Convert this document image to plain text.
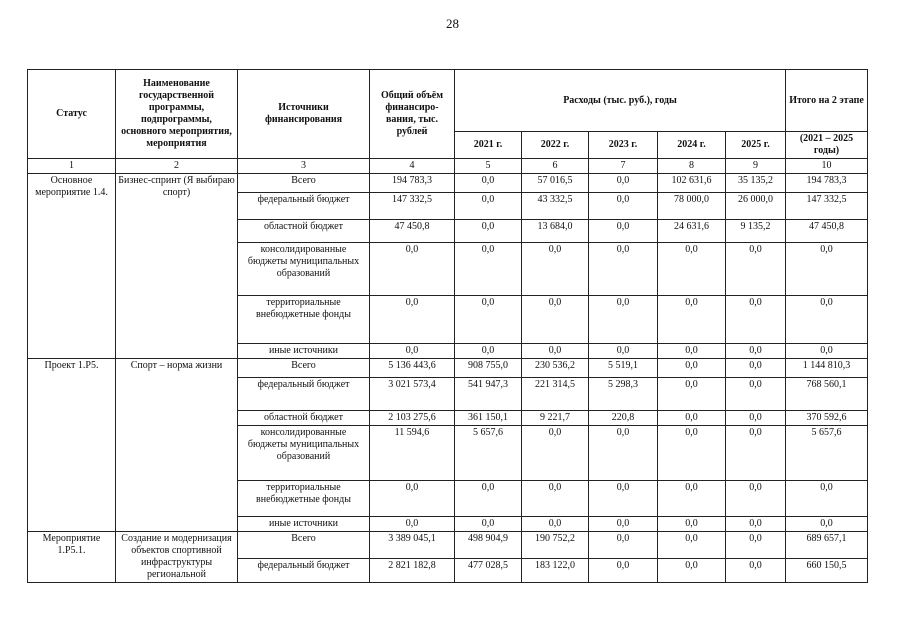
28
Статус	Наименование государственной программы, подпрограммы, основного мероприятия, мероприятия	Источники финансирования	Общий объём финансиро-вания, тыс. рублей	Расходы (тыс. руб.), годы					Итого на 2 этапе
				2021 г.	2022 г.	2023 г.	2024 г.	2025 г.	(2021 – 2025 годы)
1	2	3	4	5	6	7	8	9	10
Основное мероприятие 1.4.	Бизнес-спринт (Я выбираю спорт)	Всего	194 783,3	0,0	57 016,5	0,0	102 631,6	35 135,2	194 783,3
		федеральный бюджет	147 332,5	0,0	43 332,5	0,0	78 000,0	26 000,0	147 332,5
		областной бюджет	47 450,8	0,0	13 684,0	0,0	24 631,6	9 135,2	47 450,8
		консолидированные бюджеты муниципальных образований	0,0	0,0	0,0	0,0	0,0	0,0	0,0
		территориальные внебюджетные фонды	0,0	0,0	0,0	0,0	0,0	0,0	0,0
		иные источники	0,0	0,0	0,0	0,0	0,0	0,0	0,0
Проект 1.Р5.	Спорт – норма жизни	Всего	5 136 443,6	908 755,0	230 536,2	5 519,1	0,0	0,0	1 144 810,3
		федеральный бюджет	3 021 573,4	541 947,3	221 314,5	5 298,3	0,0	0,0	768 560,1
		областной бюджет	2 103 275,6	361 150,1	9 221,7	220,8	0,0	0,0	370 592,6
		консолидированные бюджеты муниципальных образований	11 594,6	5 657,6	0,0	0,0	0,0	0,0	5 657,6
		территориальные внебюджетные фонды	0,0	0,0	0,0	0,0	0,0	0,0	0,0
		иные источники	0,0	0,0	0,0	0,0	0,0	0,0	0,0
Мероприятие 1.Р5.1.	Создание и модернизация объектов спортивной инфраструктуры региональной	Всего	3 389 045,1	498 904,9	190 752,2	0,0	0,0	0,0	689 657,1
		федеральный бюджет	2 821 182,8	477 028,5	183 122,0	0,0	0,0	0,0	660 150,5
